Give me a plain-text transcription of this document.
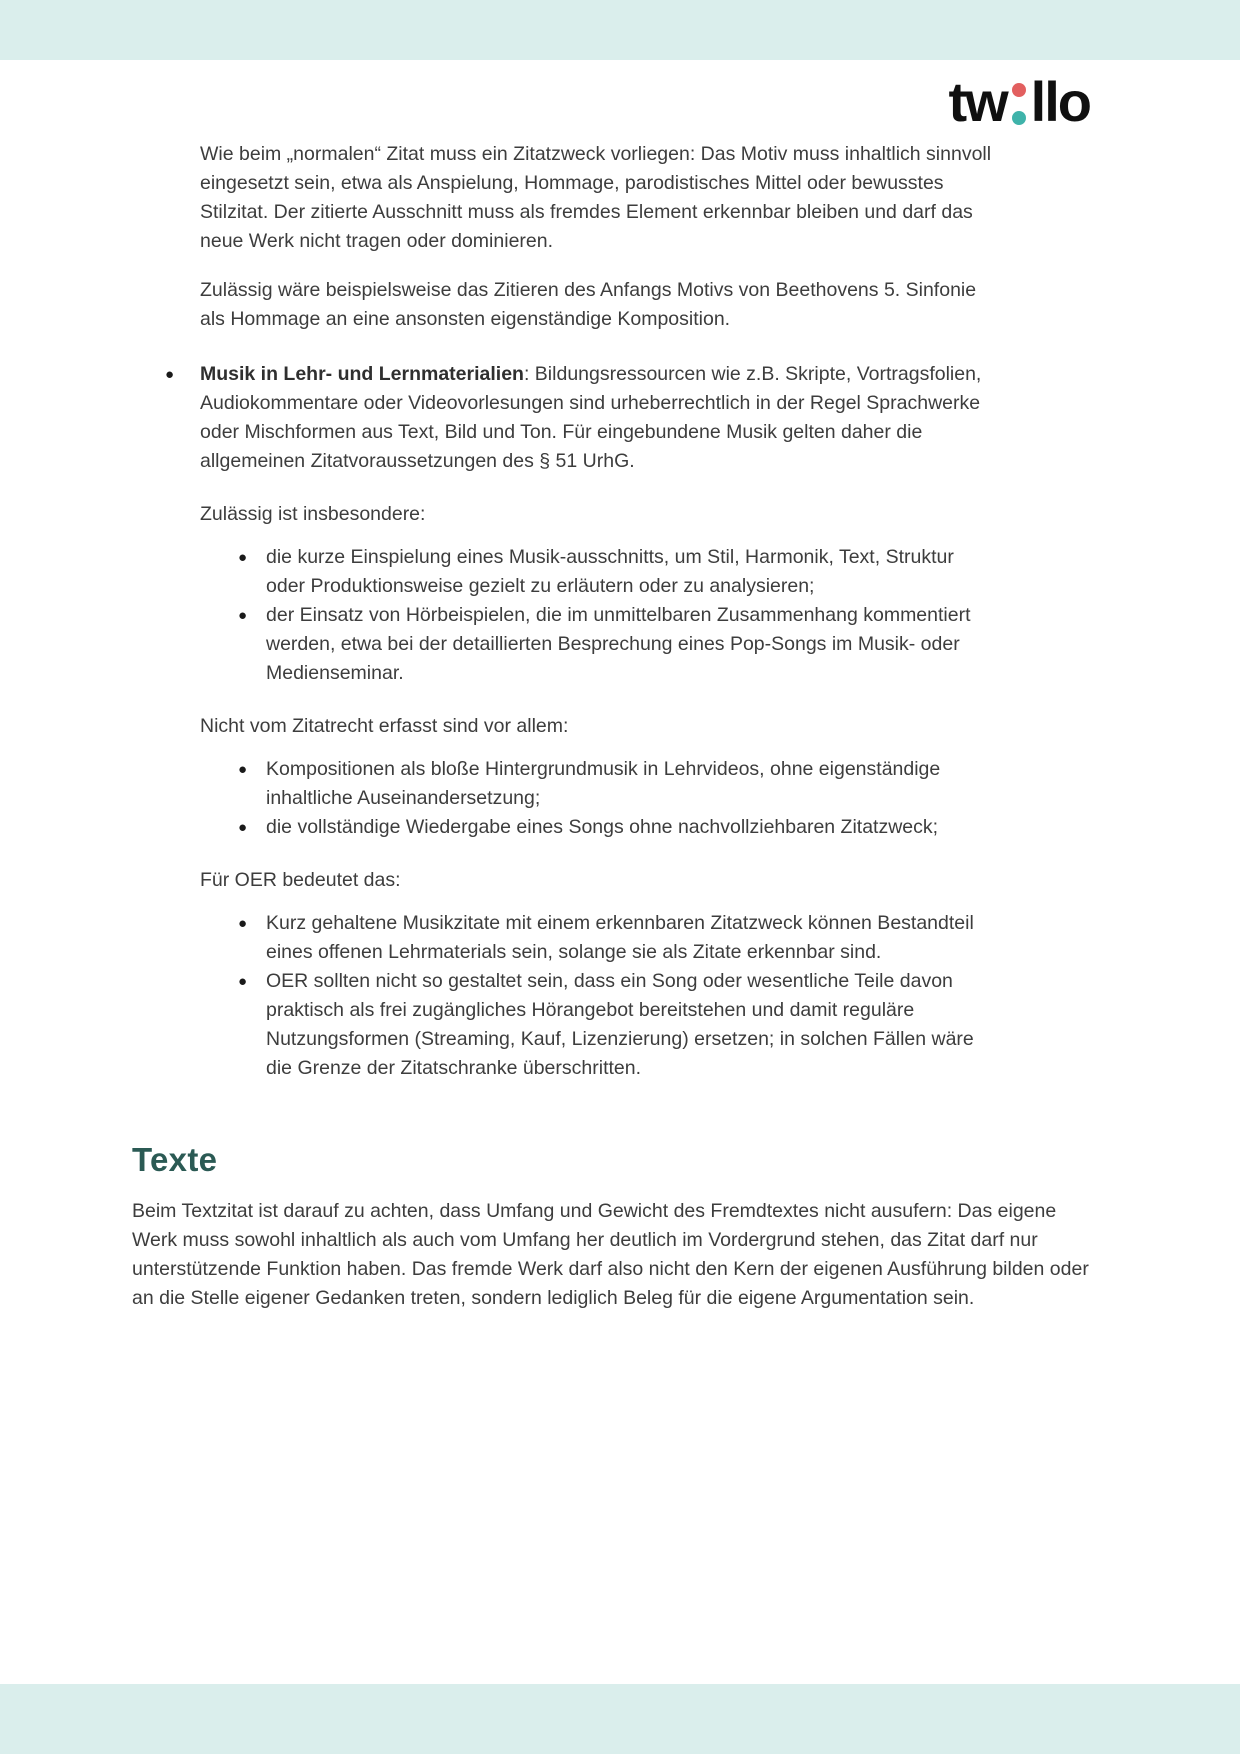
tw llo

Wie beim „normalen“ Zitat muss ein Zitatzweck vorliegen: Das Motiv muss inhaltlich sinnvoll eingesetzt sein, etwa als Anspielung, Hommage, parodistisches Mittel oder bewusstes Stilzitat. Der zitierte Ausschnitt muss als fremdes Element erkennbar bleiben und darf das neue Werk nicht tragen oder dominieren.

Zulässig wäre beispielsweise das Zitieren des Anfangs Motivs von Beethovens 5. Sinfonie als Hommage an eine ansonsten eigenständige Komposition.

●	Musik in Lehr- und Lernmaterialien: Bildungsressourcen wie z.B. Skripte, Vortragsfolien, Audiokommentare oder Videovorlesungen sind urheberrechtlich in der Regel Sprachwerke oder Mischformen aus Text, Bild und Ton. Für eingebundene Musik gelten daher die allgemeinen Zitatvoraussetzungen des § 51 UrhG.

Zulässig ist insbesondere:

● die kurze Einspielung eines Musik-ausschnitts, um Stil, Harmonik, Text, Struktur oder Produktionsweise gezielt zu erläutern oder zu analysieren;
● der Einsatz von Hörbeispielen, die im unmittelbaren Zusammenhang kommentiert werden, etwa bei der detaillierten Besprechung eines Pop-Songs im Musik- oder Medienseminar.

Nicht vom Zitatrecht erfasst sind vor allem:

● Kompositionen als bloße Hintergrundmusik in Lehrvideos, ohne eigenständige inhaltliche Auseinandersetzung;
● die vollständige Wiedergabe eines Songs ohne nachvollziehbaren Zitatzweck;

Für OER bedeutet das:

● Kurz gehaltene Musikzitate mit einem erkennbaren Zitatzweck können Bestandteil eines offenen Lehrmaterials sein, solange sie als Zitate erkennbar sind.
● OER sollten nicht so gestaltet sein, dass ein Song oder wesentliche Teile davon praktisch als frei zugängliches Hörangebot bereitstehen und damit reguläre Nutzungsformen (Streaming, Kauf, Lizenzierung) ersetzen; in solchen Fällen wäre die Grenze der Zitatschranke überschritten.
Texte

Beim Textzitat ist darauf zu achten, dass Umfang und Gewicht des Fremdtextes nicht ausufern: Das eigene Werk muss sowohl inhaltlich als auch vom Umfang her deutlich im Vordergrund stehen, das Zitat darf nur unterstützende Funktion haben. Das fremde Werk darf also nicht den Kern der eigenen Ausführung bilden oder an die Stelle eigener Gedanken treten, sondern lediglich Beleg für die eigene Argumentation sein.
